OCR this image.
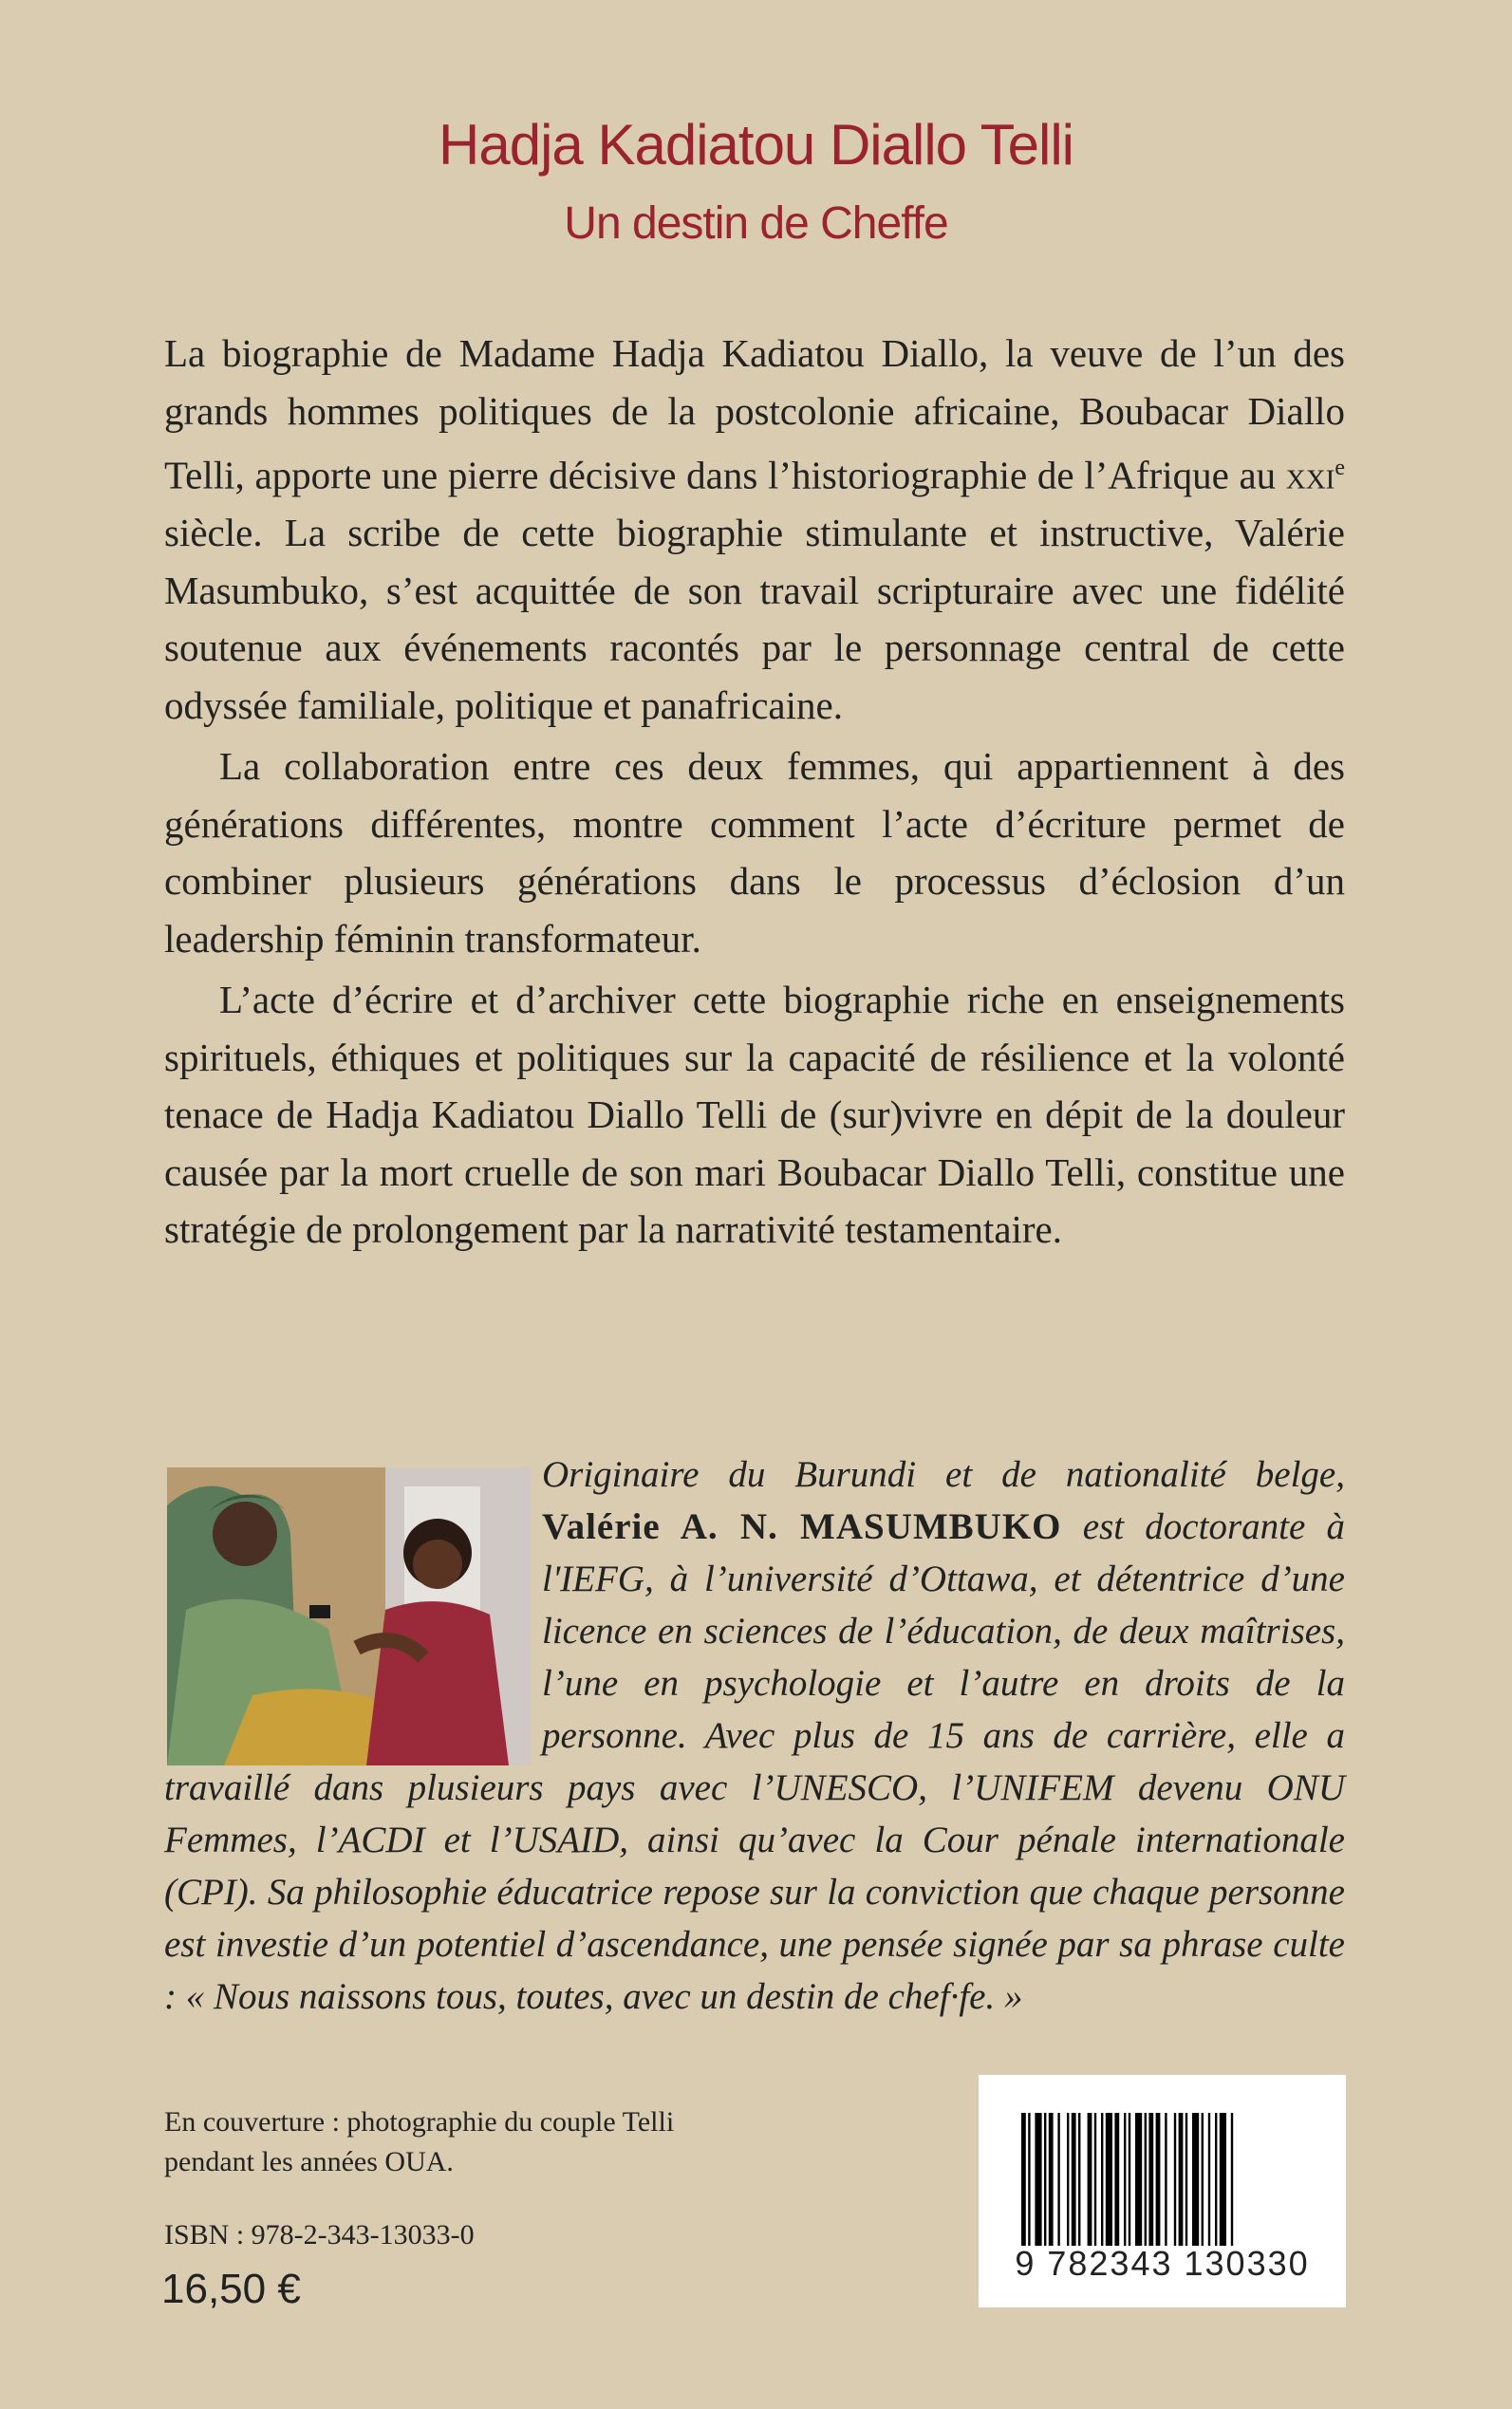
Hadja Kadiatou Diallo Telli
Un destin de Cheffe

La biographie de Madame Hadja Kadiatou Diallo, la veuve de l’un des grands hommes politiques de la postcolonie africaine, Boubacar Diallo Telli, apporte une pierre décisive dans l’historiographie de l’Afrique au xxi$^e$ siècle. La scribe de cette biographie stimulante et instructive, Valérie Masumbuko, s’est acquittée de son travail scripturaire avec une fidélité soutenue aux événements racontés par le personnage central de cette odyssée familiale, politique et panafricaine.

La collaboration entre ces deux femmes, qui appartiennent à des générations différentes, montre comment l’acte d’écriture permet de combiner plusieurs générations dans le processus d’éclosion d’un leadership féminin transformateur.

L’acte d’écrire et d’archiver cette biographie riche en enseignements spirituels, éthiques et politiques sur la capacité de résilience et la volonté tenace de Hadja Kadiatou Diallo Telli de (sur)vivre en dépit de la douleur causée par la mort cruelle de son mari Boubacar Diallo Telli, constitue une stratégie de prolongement par la narrativité testamentaire.

Originaire du Burundi et de nationalité belge, Valérie A. N. MASUMBUKO est doctorante à l'IEFG, à l’université d’Ottawa, et détentrice d’une licence en sciences de l’éducation, de deux maîtrises, l’une en psychologie et l’autre en droits de la personne. Avec plus de 15 ans de carrière, elle a travaillé dans plusieurs pays avec l’UNESCO, l’UNIFEM devenu ONU Femmes, l’ACDI et l’USAID, ainsi qu’avec la Cour pénale internationale (CPI). Sa philosophie éducatrice repose sur la conviction que chaque personne est investie d’un potentiel d’ascendance, une pensée signée par sa phrase culte : « Nous naissons tous, toutes, avec un destin de chef·fe. »
En couverture : photographie du couple Telli
pendant les années OUA.
ISBN : 978-2-343-13033-0
16,50 €
9 782343 130330
